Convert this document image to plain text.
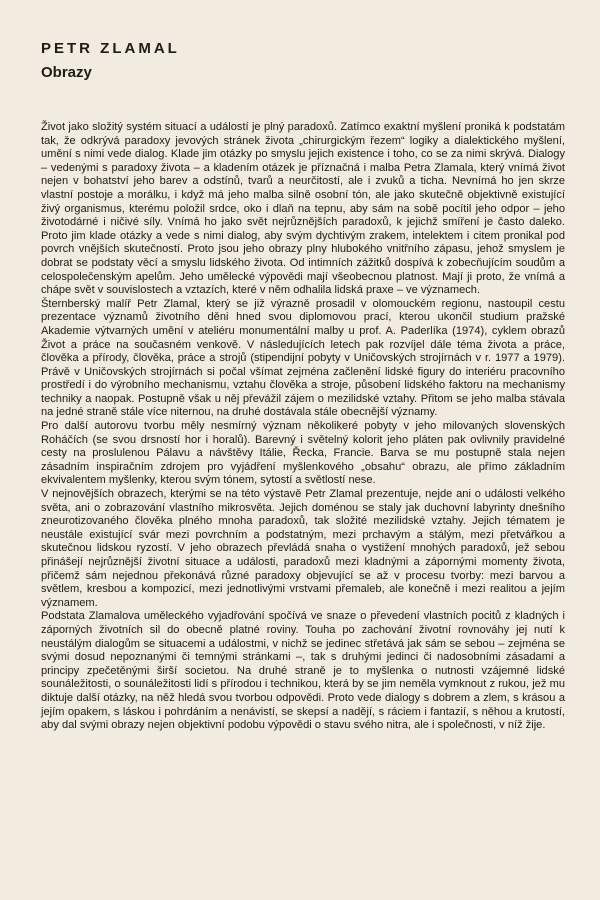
PETR ZLAMAL
Obrazy

Život jako složitý systém situací a událostí je plný paradoxů. Zatímco exaktní myšlení proniká k podstatám tak, že odkrývá paradoxy jevových stránek života „chirurgickým řezem“ logiky a dialektického myšlení, umění s nimi vede dialog. Klade jim otázky po smyslu jejich existence i toho, co se za nimi skrývá. Dialogy – vedenými s paradoxy života – a kladením otázek je příznačná i malba Petra Zlamala, který vnímá život nejen v bohatství jeho barev a odstínů, tvarů a neurčitostí, ale i zvuků a ticha. Nevnímá ho jen skrze vlastní postoje a morálku, i když má jeho malba silně osobní tón, ale jako skutečně objektivně existující živý organismus, kterému položil srdce, oko i dlaň na tepnu, aby sám na sobě pocítil jeho odpor – jeho životodárné i ničivé síly. Vnímá ho jako svět nejrůznějších paradoxů, k jejichž smíření je často daleko. Proto jim klade otázky a vede s nimi dialog, aby svým dychtivým zrakem, intelektem i citem pronikal pod povrch vnějších skutečností. Proto jsou jeho obrazy plny hlubokého vnitřního zápasu, jehož smyslem je dobrat se podstaty věcí a smyslu lidského života. Od intimních zážitků dospívá k zobecňujícím soudům a celospolečenským apelům. Jeho umělecké výpovědi mají všeobecnou platnost. Mají ji proto, že vnímá a chápe svět v souvislostech a vztazích, které v něm odhalila lidská praxe – ve významech.

Šternberský malíř Petr Zlamal, který se již výrazně prosadil v olomouckém regionu, nastoupil cestu prezentace významů životního děni hned svou diplomovou prací, kterou ukončil studium pražské Akademie výtvarných umění v ateliéru monumentální malby u prof. A. Paderlíka (1974), cyklem obrazů Život a práce na současném venkově. V následujících letech pak rozvíjel dále téma života a práce, člověka a přírody, člověka, práce a strojů (stipendijní pobyty v Uničovských strojírnách v r. 1977 a 1979). Právě v Uničovských strojírnách si počal všímat zejména začlenění lidské figury do interiéru pracovního prostředí i do výrobního mechanismu, vztahu člověka a stroje, působení lidského faktoru na mechanismy techniky a naopak. Postupně však u něj převážil zájem o mezilidské vztahy. Přitom se jeho malba stávala na jedné straně stále více niternou, na druhé dostávala stále obecnější významy.

Pro další autorovu tvorbu měly nesmírný význam několikeré pobyty v jeho milovaných slovenských Roháčích (se svou drsností hor i horalů). Barevný i světelný kolorit jeho pláten pak ovlivnily pravidelné cesty na proslulenou Pálavu a návštěvy Itálie, Řecka, Francie. Barva se mu postupně stala nejen zásadním inspiračním zdrojem pro vyjádření myšlenkového „obsahu“ obrazu, ale přímo základním ekvivalentem myšlenky, kterou svým tónem, sytostí a světlostí nese.

V nejnovějších obrazech, kterými se na této výstavě Petr Zlamal prezentuje, nejde ani o události velkého světa, ani o zobrazování vlastního mikrosvěta. Jejich doménou se staly jak duchovní labyrinty dnešního zneurotizovaného člověka plného mnoha paradoxů, tak složité mezilidské vztahy. Jejich tématem je neustále existující svár mezi povrchním a podstatným, mezi prchavým a stálým, mezi přetvářkou a skutečnou lidskou ryzostí. V jeho obrazech převládá snaha o vystižení mnohých paradoxů, jež sebou přinášejí nejrůznější životní situace a události, paradoxů mezi kladnými a zápornými momenty života, přičemž sám nejednou překonává různé paradoxy objevující se až v procesu tvorby: mezi barvou a světlem, kresbou a kompozicí, mezi jednotlivými vrstvami přemaleb, ale konečně i mezi realitou a jejím významem.

Podstata Zlamalova uměleckého vyjadřování spočívá ve snaze o převedení vlastních pocitů z kladných i záporných životních sil do obecně platné roviny. Touha po zachování životní rovnováhy jej nutí k neustálým dialogům se situacemi a událostmi, v nichž se jedinec střetává jak sám se sebou – zejména se svými dosud nepoznanými či temnými stránkami –, tak s druhými jedinci či nadosobními zásadami a principy zpečetěnými širší societou. Na druhé straně je to myšlenka o nutnosti vzájemné lidské sounáležitosti, o sounáležitosti lidí s přírodou i technikou, která by se jim neměla vymknout z rukou, jež mu diktuje další otázky, na něž hledá svou tvorbou odpovědi. Proto vede dialogy s dobrem a zlem, s krásou a jejím opakem, s láskou i pohrdáním a nenávistí, se skepsí a nadějí, s ráciem i fantazií, s něhou a krutostí, aby dal svými obrazy nejen objektivní podobu výpovědi o stavu svého nitra, ale i společnosti, v níž žije.
